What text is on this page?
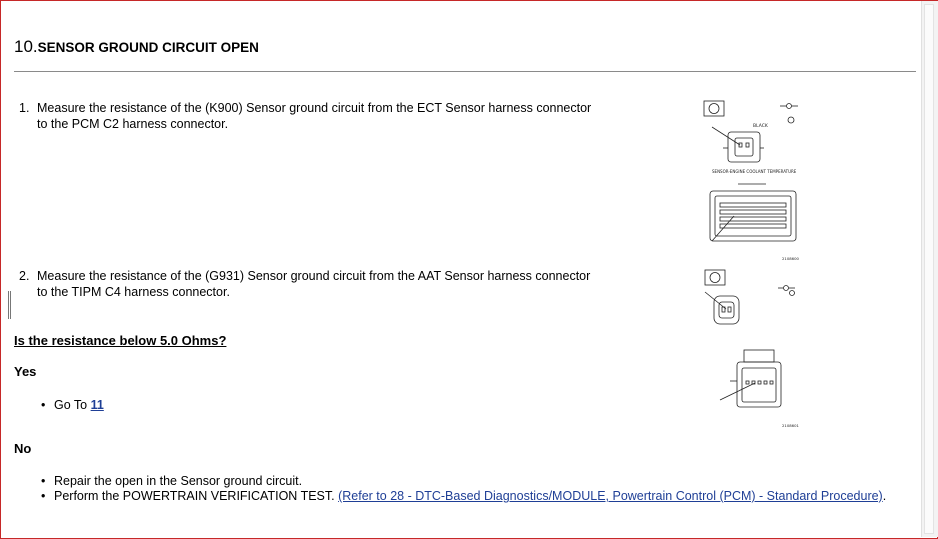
10.SENSOR GROUND CIRCUIT OPEN
1. Measure the resistance of the (K900) Sensor ground circuit from the ECT Sensor harness connector to the PCM C2 harness connector.
2. Measure the resistance of the (G931) Sensor ground circuit from the AAT Sensor harness connector to the TIPM C4 harness connector.
Is the resistance below 5.0 Ohms?
Yes
• Go To 11
No
• Repair the open in the Sensor ground circuit.
• Perform the POWERTRAIN VERIFICATION TEST. (Refer to 28 - DTC-Based Diagnostics/MODULE, Powertrain Control (PCM) - Standard Procedure).
BLACK
SENSOR-ENGINE COOLANT TEMPERATURE
2108600
2108601
